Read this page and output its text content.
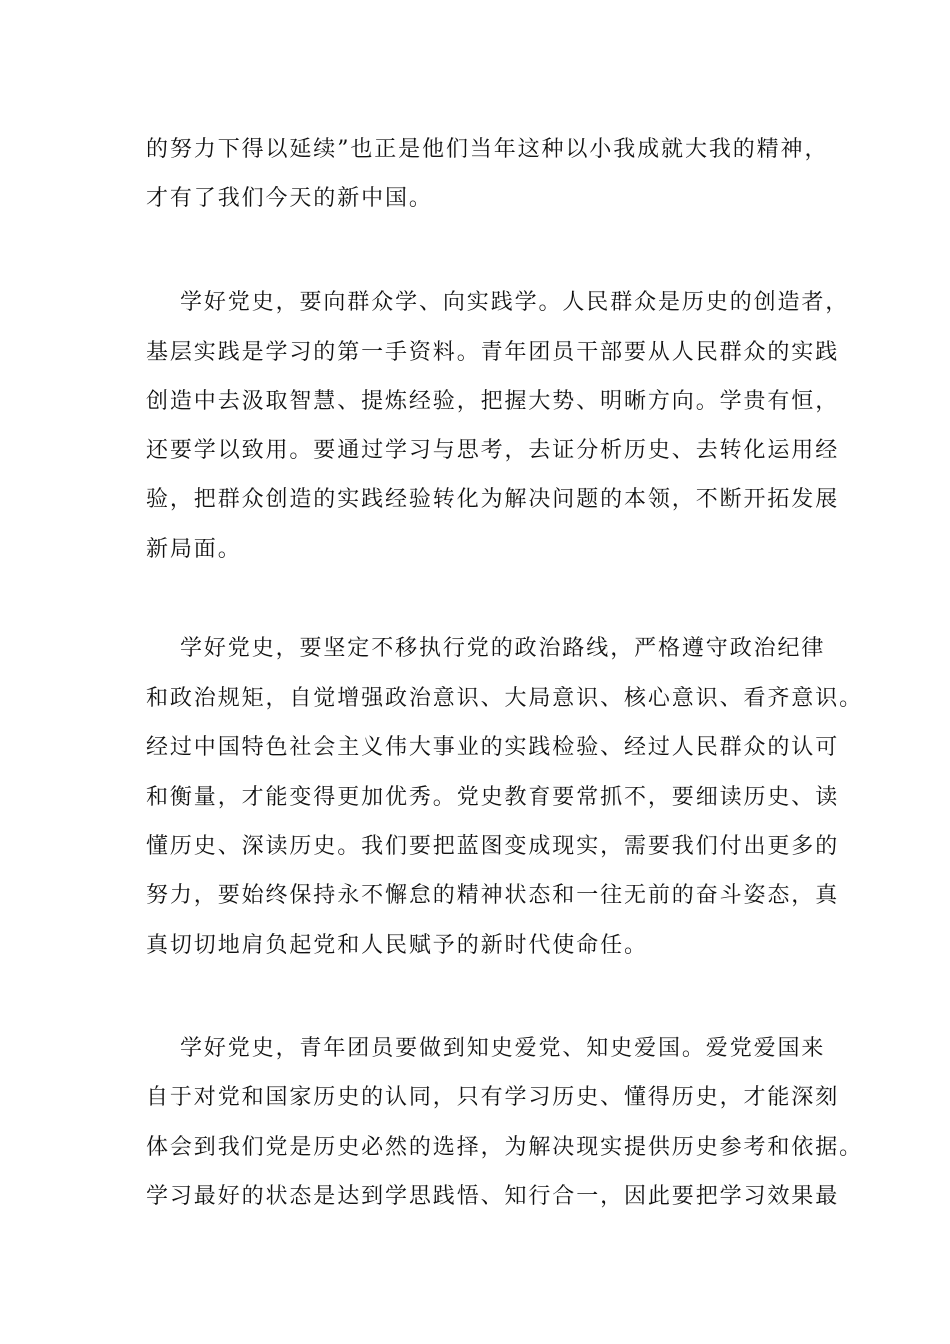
的努力下得以延续”也正是他们当年这种以小我成就大我的精神，
才有了我们今天的新中国。
学好党史，要向群众学、向实践学。人民群众是历史的创造者，
基层实践是学习的第一手资料。青年团员干部要从人民群众的实践
创造中去汲取智慧、提炼经验，把握大势、明晰方向。学贵有恒，
还要学以致用。要通过学习与思考，去证分析历史、去转化运用经
验，把群众创造的实践经验转化为解决问题的本领，不断开拓发展
新局面。
学好党史，要坚定不移执行党的政治路线，严格遵守政治纪律
和政治规矩，自觉增强政治意识、大局意识、核心意识、看齐意识。
经过中国特色社会主义伟大事业的实践检验、经过人民群众的认可
和衡量，才能变得更加优秀。党史教育要常抓不，要细读历史、读
懂历史、深读历史。我们要把蓝图变成现实，需要我们付出更多的
努力，要始终保持永不懈怠的精神状态和一往无前的奋斗姿态，真
真切切地肩负起党和人民赋予的新时代使命任。
学好党史，青年团员要做到知史爱党、知史爱国。爱党爱国来
自于对党和国家历史的认同，只有学习历史、懂得历史，才能深刻
体会到我们党是历史必然的选择，为解决现实提供历史参考和依据。
学习最好的状态是达到学思践悟、知行合一，因此要把学习效果最
